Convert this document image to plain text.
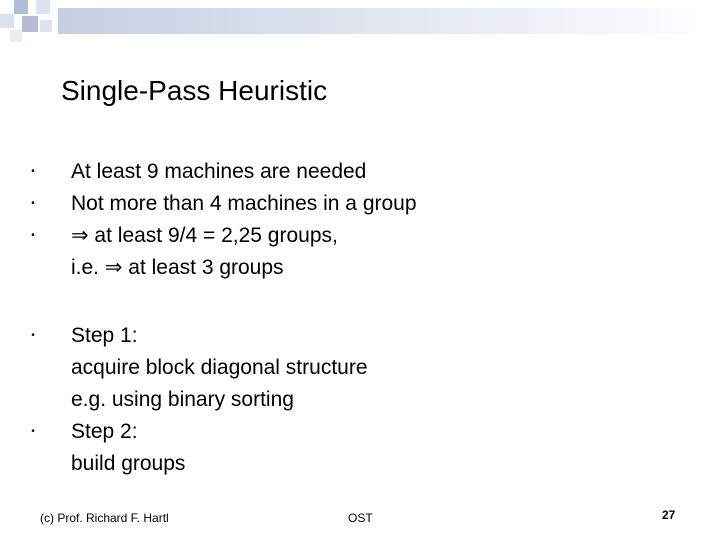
Single-Pass Heuristic
• At least 9 machines are needed
• Not more than 4 machines in a group
• ⇒ at least 9/4 = 2,25 groups,
i.e. ⇒ at least 3 groups
• Step 1:
acquire block diagonal structure
e.g. using binary sorting
• Step 2:
build groups
(c) Prof. Richard F. Hartl	OST	27
